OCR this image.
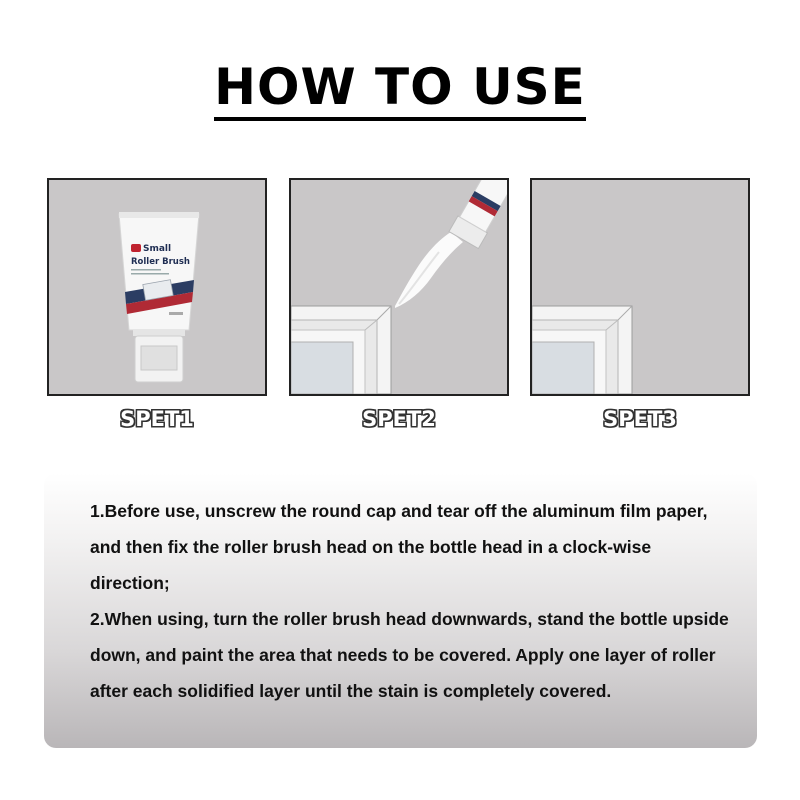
HOW TO USE
Small
Roller Brush
SPET1	SPET2	SPET3

1.Before use, unscrew the round cap and tear off the aluminum film paper, and then fix the roller brush head on the bottle head in a clock-wise direction;

2.When using, turn the roller brush head downwards, stand the bottle upside down, and paint the area that needs to be covered. Apply one layer of roller after each solidified layer until the stain is completely covered.
